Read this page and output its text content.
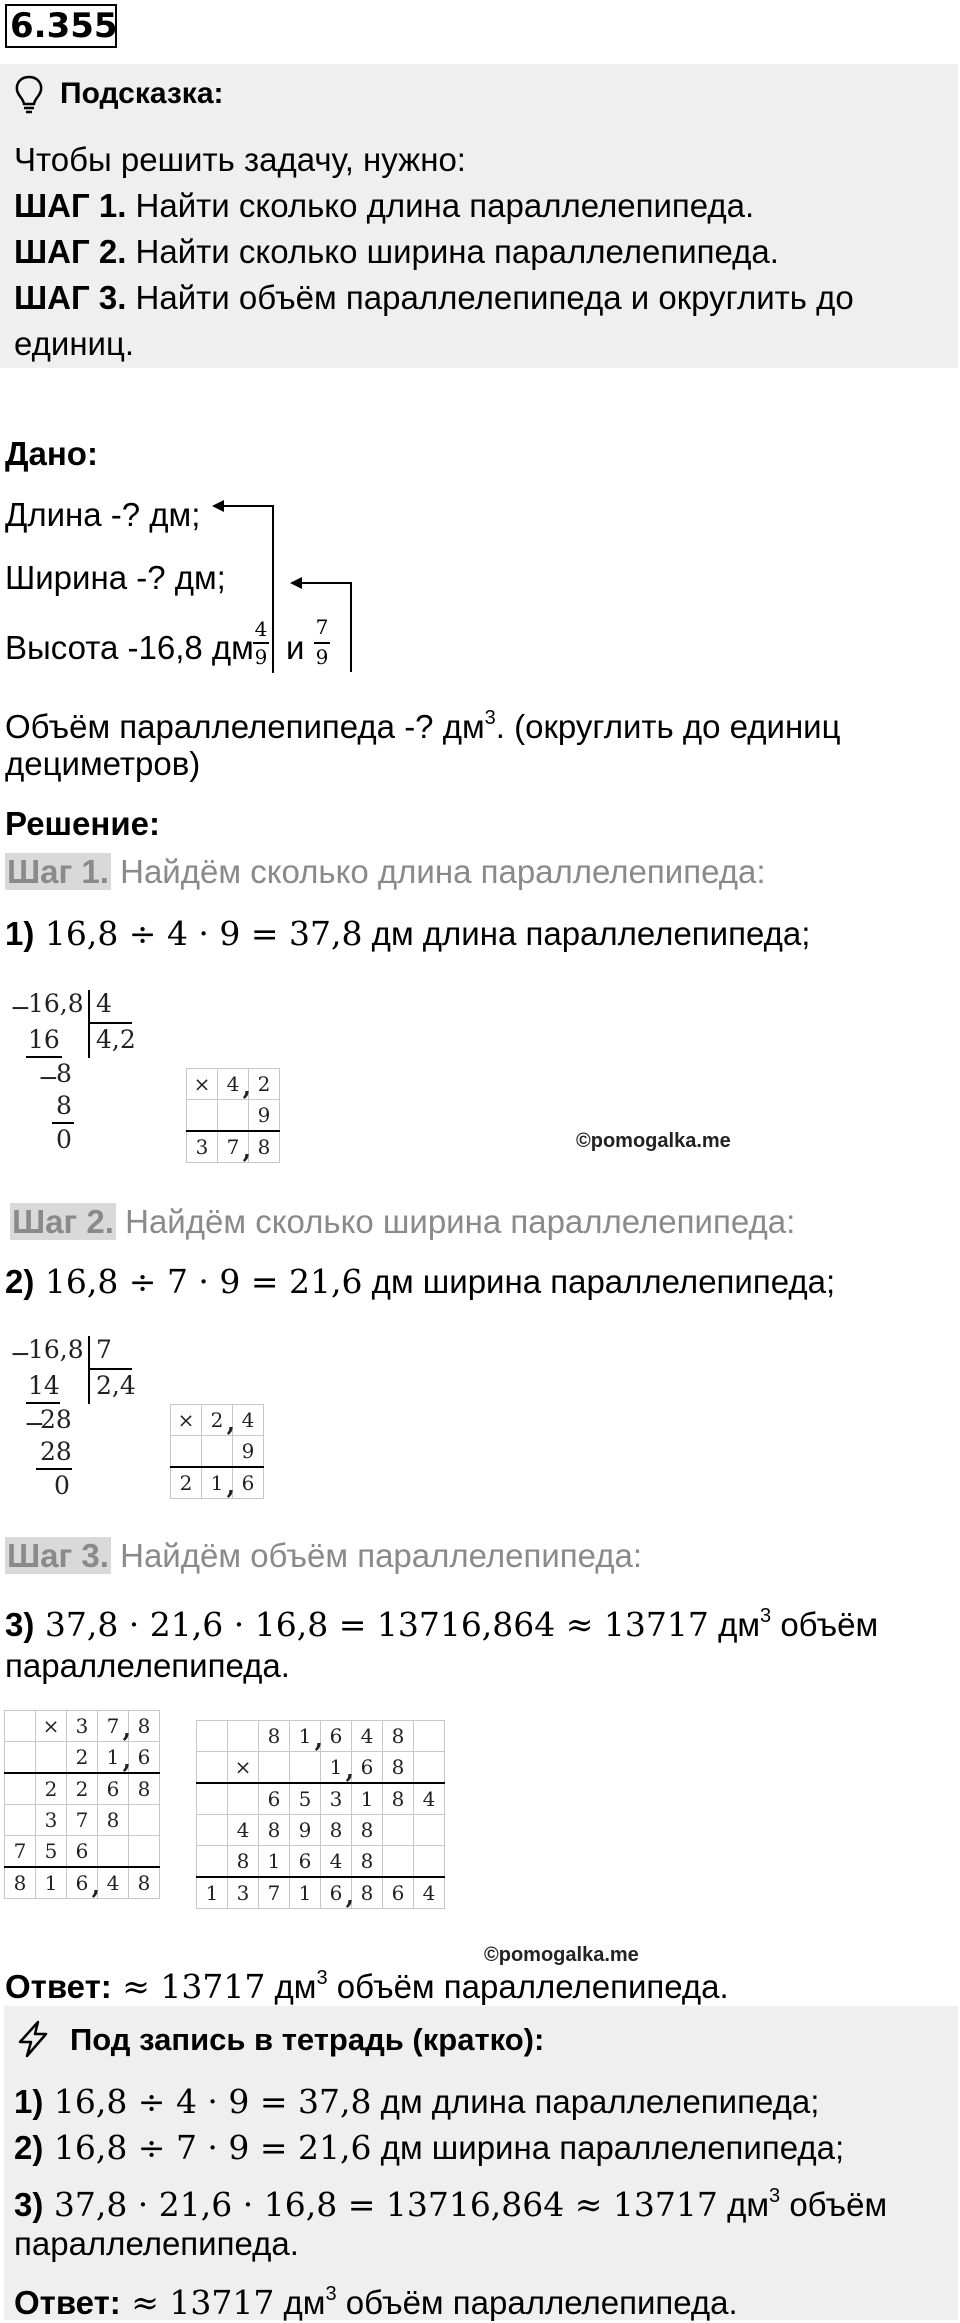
6.355
Подсказка:
Чтобы решить задачу, нужно:
ШАГ 1. Найти сколько длина параллелепипеда.
ШАГ 2. Найти сколько ширина параллелепипеда.
ШАГ 3. Найти объём параллелепипеда и округлить до
единиц.
Дано:
Длина -? дм;
Ширина -? дм;
Высота -16,8 дм 4
9 и
7
9
Объём параллелепипеда -? $дм^3$. (округлить до единиц
дециметров)
Решение:
Шаг 1. Найдём сколько длина параллелепипеда:
1) 16,8 ÷ 4 · 9 = 37,8 дм длина параллелепипеда;
−
16,8 4
4,2
16
−
8
8
0
×	4 ,	2
		9
3	7 ,	8	©pomogalka.me
Шаг 2. Найдём сколько ширина параллелепипеда:
2) 16,8 ÷ 7 · 9 = 21,6 дм ширина параллелепипеда;
−
16,8 7
2,4
14
−
28
28
0
×	2 ,	4
		9
2	1 ,	6
Шаг 3. Найдём объём параллелепипеда:
3) 37,8 · 21,6 · 16,8 = 13716,864 ≈ 13717 $дм^3$ объём
параллелепипеда.
	×	3	7 ,	8
		2	1 ,	6
	2	2	6	8
	3	7	8	
7	5	6		
8	1	6 ,	4	8
		8	1 ,	6	4	8	
	×			1 ,	6	8	
		6	5	3	1	8	4
	4	8	9	8	8		
	8	1	6	4	8		
1	3	7	1	6 ,	8	6	4
©pomogalka.me
Ответ: ≈ 13717 $дм^3$ объём параллелепипеда.
Под запись в тетрадь (кратко):
1) 16,8 ÷ 4 · 9 = 37,8 дм длина параллелепипеда;
2) 16,8 ÷ 7 · 9 = 21,6 дм ширина параллелепипеда;
3) 37,8 · 21,6 · 16,8 = 13716,864 ≈ 13717 $дм^3$ объём
параллелепипеда.
Ответ: ≈ 13717 $дм^3$ объём параллелепипеда.
